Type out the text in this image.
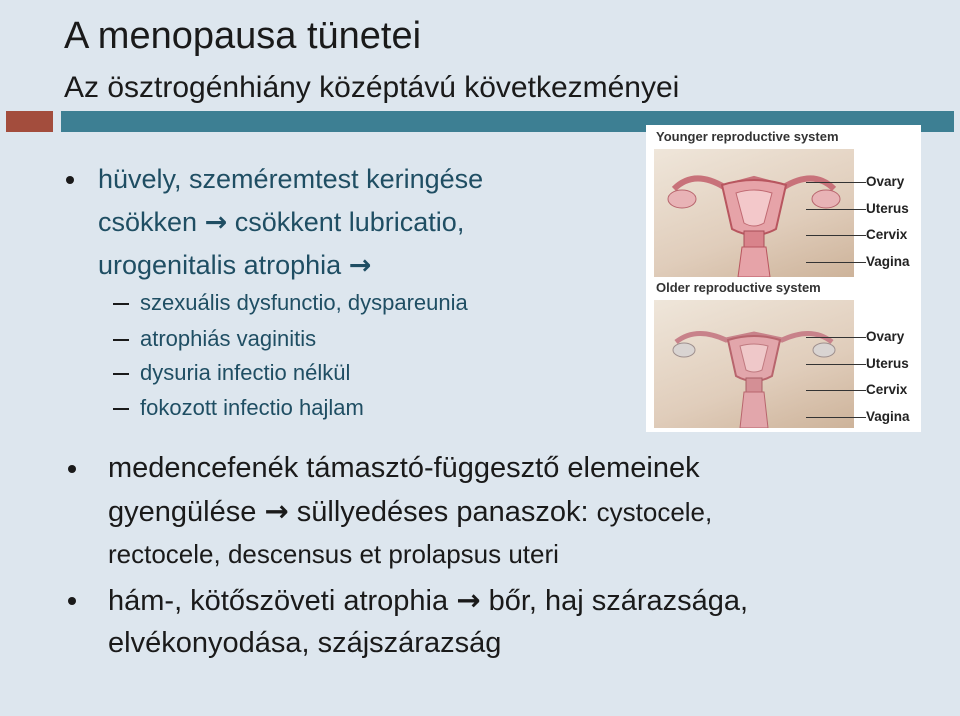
A menopausa tünetei
Az ösztrogénhiány középtávú következményei
hüvely, szeméremtest keringése
csökken → csökkent lubricatio,
urogenitalis atrophia →
szexuális dysfunctio, dyspareunia
atrophiás vaginitis
dysuria infectio nélkül
fokozott infectio hajlam
medencefenék támasztó-függesztő elemeinek
gyengülése → süllyedéses panaszok: cystocele,
rectocele, descensus et prolapsus uteri
hám-, kötőszöveti atrophia → bőr, haj szárazsága,
elvékonyodása, szájszárazság
Younger reproductive system
Ovary
Uterus
Cervix
Vagina
Older reproductive system
Ovary
Uterus
Cervix
Vagina
